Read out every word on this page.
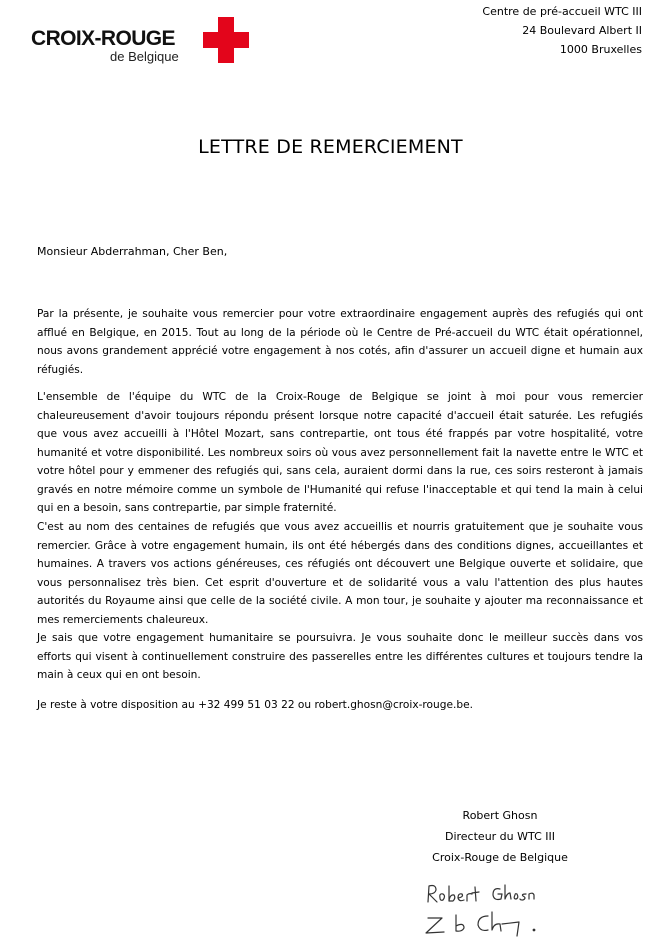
CROIX-ROUGE
de Belgique
Centre de pré-accueil WTC III
24 Boulevard Albert II
1000 Bruxelles
LETTRE DE REMERCIEMENT
Monsieur Abderrahman, Cher Ben,

Par la présente, je souhaite vous remercier pour votre extraordinaire engagement auprès des refugiés qui ont afflué en Belgique, en 2015. Tout au long de la période où le Centre de Pré-accueil du WTC était opérationnel, nous avons grandement apprécié votre engagement à nos cotés, afin d'assurer un accueil digne et humain aux réfugiés.

L'ensemble de l'équipe du WTC de la Croix-Rouge de Belgique se joint à moi pour vous remercier chaleureusement d'avoir toujours répondu présent lorsque notre capacité d'accueil était saturée. Les refugiés que vous avez accueilli à l'Hôtel Mozart, sans contrepartie, ont tous été frappés par votre hospitalité, votre humanité et votre disponibilité. Les nombreux soirs où vous avez personnellement fait la navette entre le WTC et votre hôtel pour y emmener des refugiés qui, sans cela, auraient dormi dans la rue, ces soirs resteront à jamais gravés en notre mémoire comme un symbole de l'Humanité qui refuse l'inacceptable et qui tend la main à celui qui en a besoin, sans contrepartie, par simple fraternité.

C'est au nom des centaines de refugiés que vous avez accueillis et nourris gratuitement que je souhaite vous remercier. Grâce à votre engagement humain, ils ont été hébergés dans des conditions dignes, accueillantes et humaines. A travers vos actions généreuses, ces réfugiés ont découvert une Belgique ouverte et solidaire, que vous personnalisez très bien. Cet esprit d'ouverture et de solidarité vous a valu l'attention des plus hautes autorités du Royaume ainsi que celle de la société civile. A mon tour, je souhaite y ajouter ma reconnaissance et mes remerciements chaleureux.

Je sais que votre engagement humanitaire se poursuivra. Je vous souhaite donc le meilleur succès dans vos efforts qui visent à continuellement construire des passerelles entre les différentes cultures et toujours tendre la main à ceux qui en ont besoin.

Je reste à votre disposition au +32 499 51 03 22 ou robert.ghosn@croix-rouge.be.

Robert Ghosn
Directeur du WTC III
Croix-Rouge de Belgique
